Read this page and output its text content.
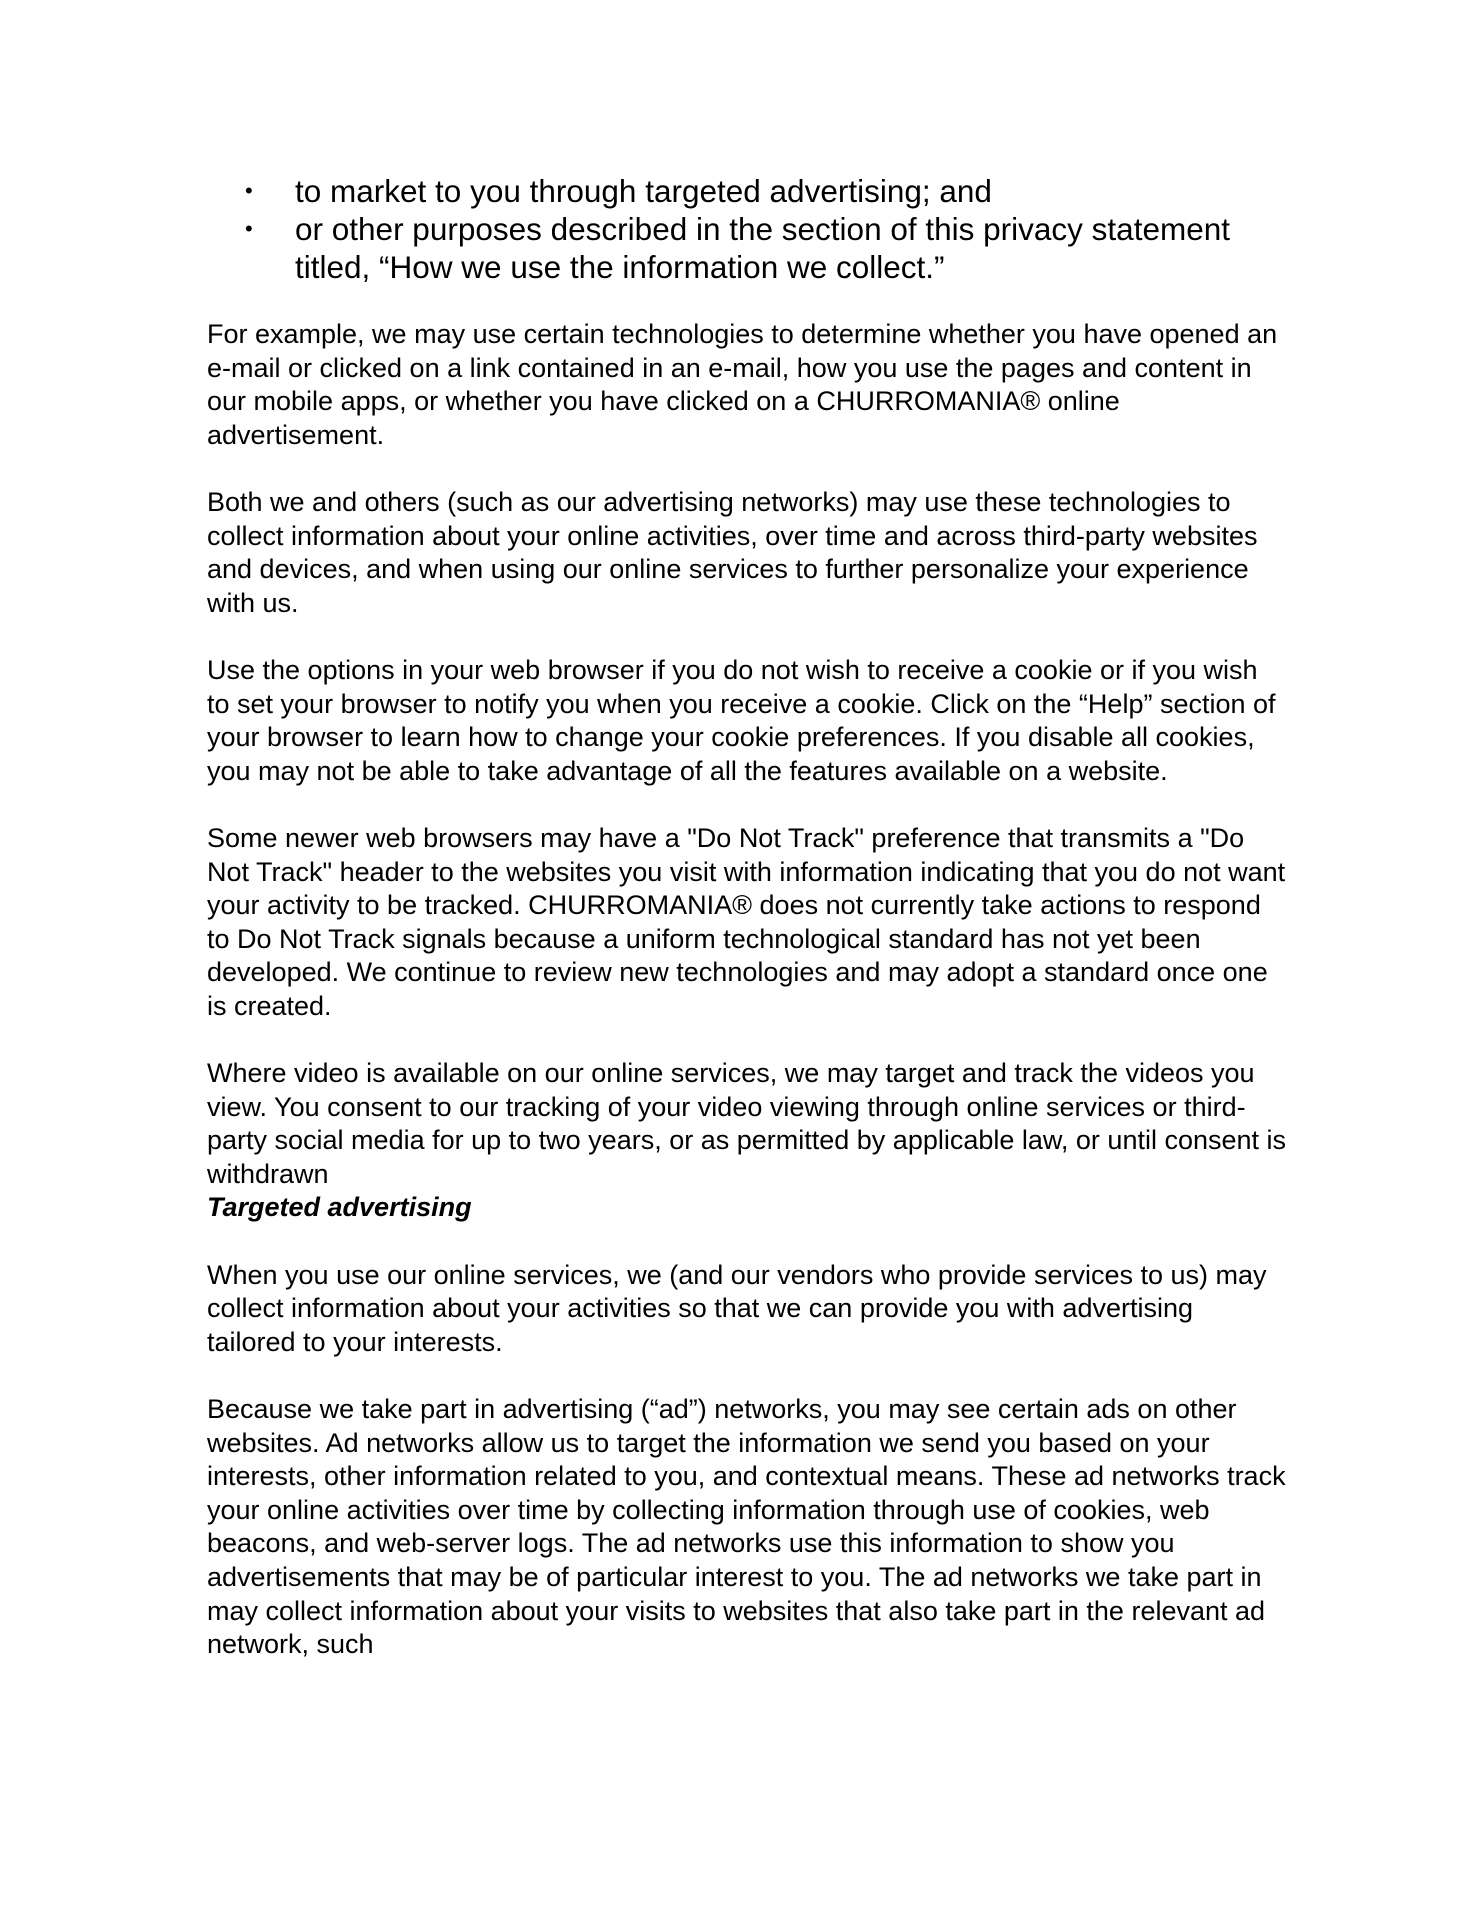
• to market to you through targeted advertising; and
• or other purposes described in the section of this privacy statement titled, “How we use the information we collect.”

For example, we may use certain technologies to determine whether you have opened an e-mail or clicked on a link contained in an e-mail, how you use the pages and content in our mobile apps, or whether you have clicked on a CHURROMANIA® online advertisement.

Both we and others (such as our advertising networks) may use these technologies to collect information about your online activities, over time and across third-party websites and devices, and when using our online services to further personalize your experience with us.

Use the options in your web browser if you do not wish to receive a cookie or if you wish to set your browser to notify you when you receive a cookie. Click on the “Help” section of your browser to learn how to change your cookie preferences. If you disable all cookies, you may not be able to take advantage of all the features available on a website.

Some newer web browsers may have a "Do Not Track" preference that transmits a "Do Not Track" header to the websites you visit with information indicating that you do not want your activity to be tracked. CHURROMANIA® does not currently take actions to respond to Do Not Track signals because a uniform technological standard has not yet been developed. We continue to review new technologies and may adopt a standard once one is created.

Where video is available on our online services, we may target and track the videos you view. You consent to our tracking of your video viewing through online services or third-party social media for up to two years, or as permitted by applicable law, or until consent is withdrawn

Targeted advertising

When you use our online services, we (and our vendors who provide services to us) may collect information about your activities so that we can provide you with advertising tailored to your interests.

Because we take part in advertising (“ad”) networks, you may see certain ads on other websites. Ad networks allow us to target the information we send you based on your interests, other information related to you, and contextual means. These ad networks track your online activities over time by collecting information through use of cookies, web beacons, and web-server logs. The ad networks use this information to show you advertisements that may be of particular interest to you. The ad networks we take part in may collect information about your visits to websites that also take part in the relevant ad network, such
